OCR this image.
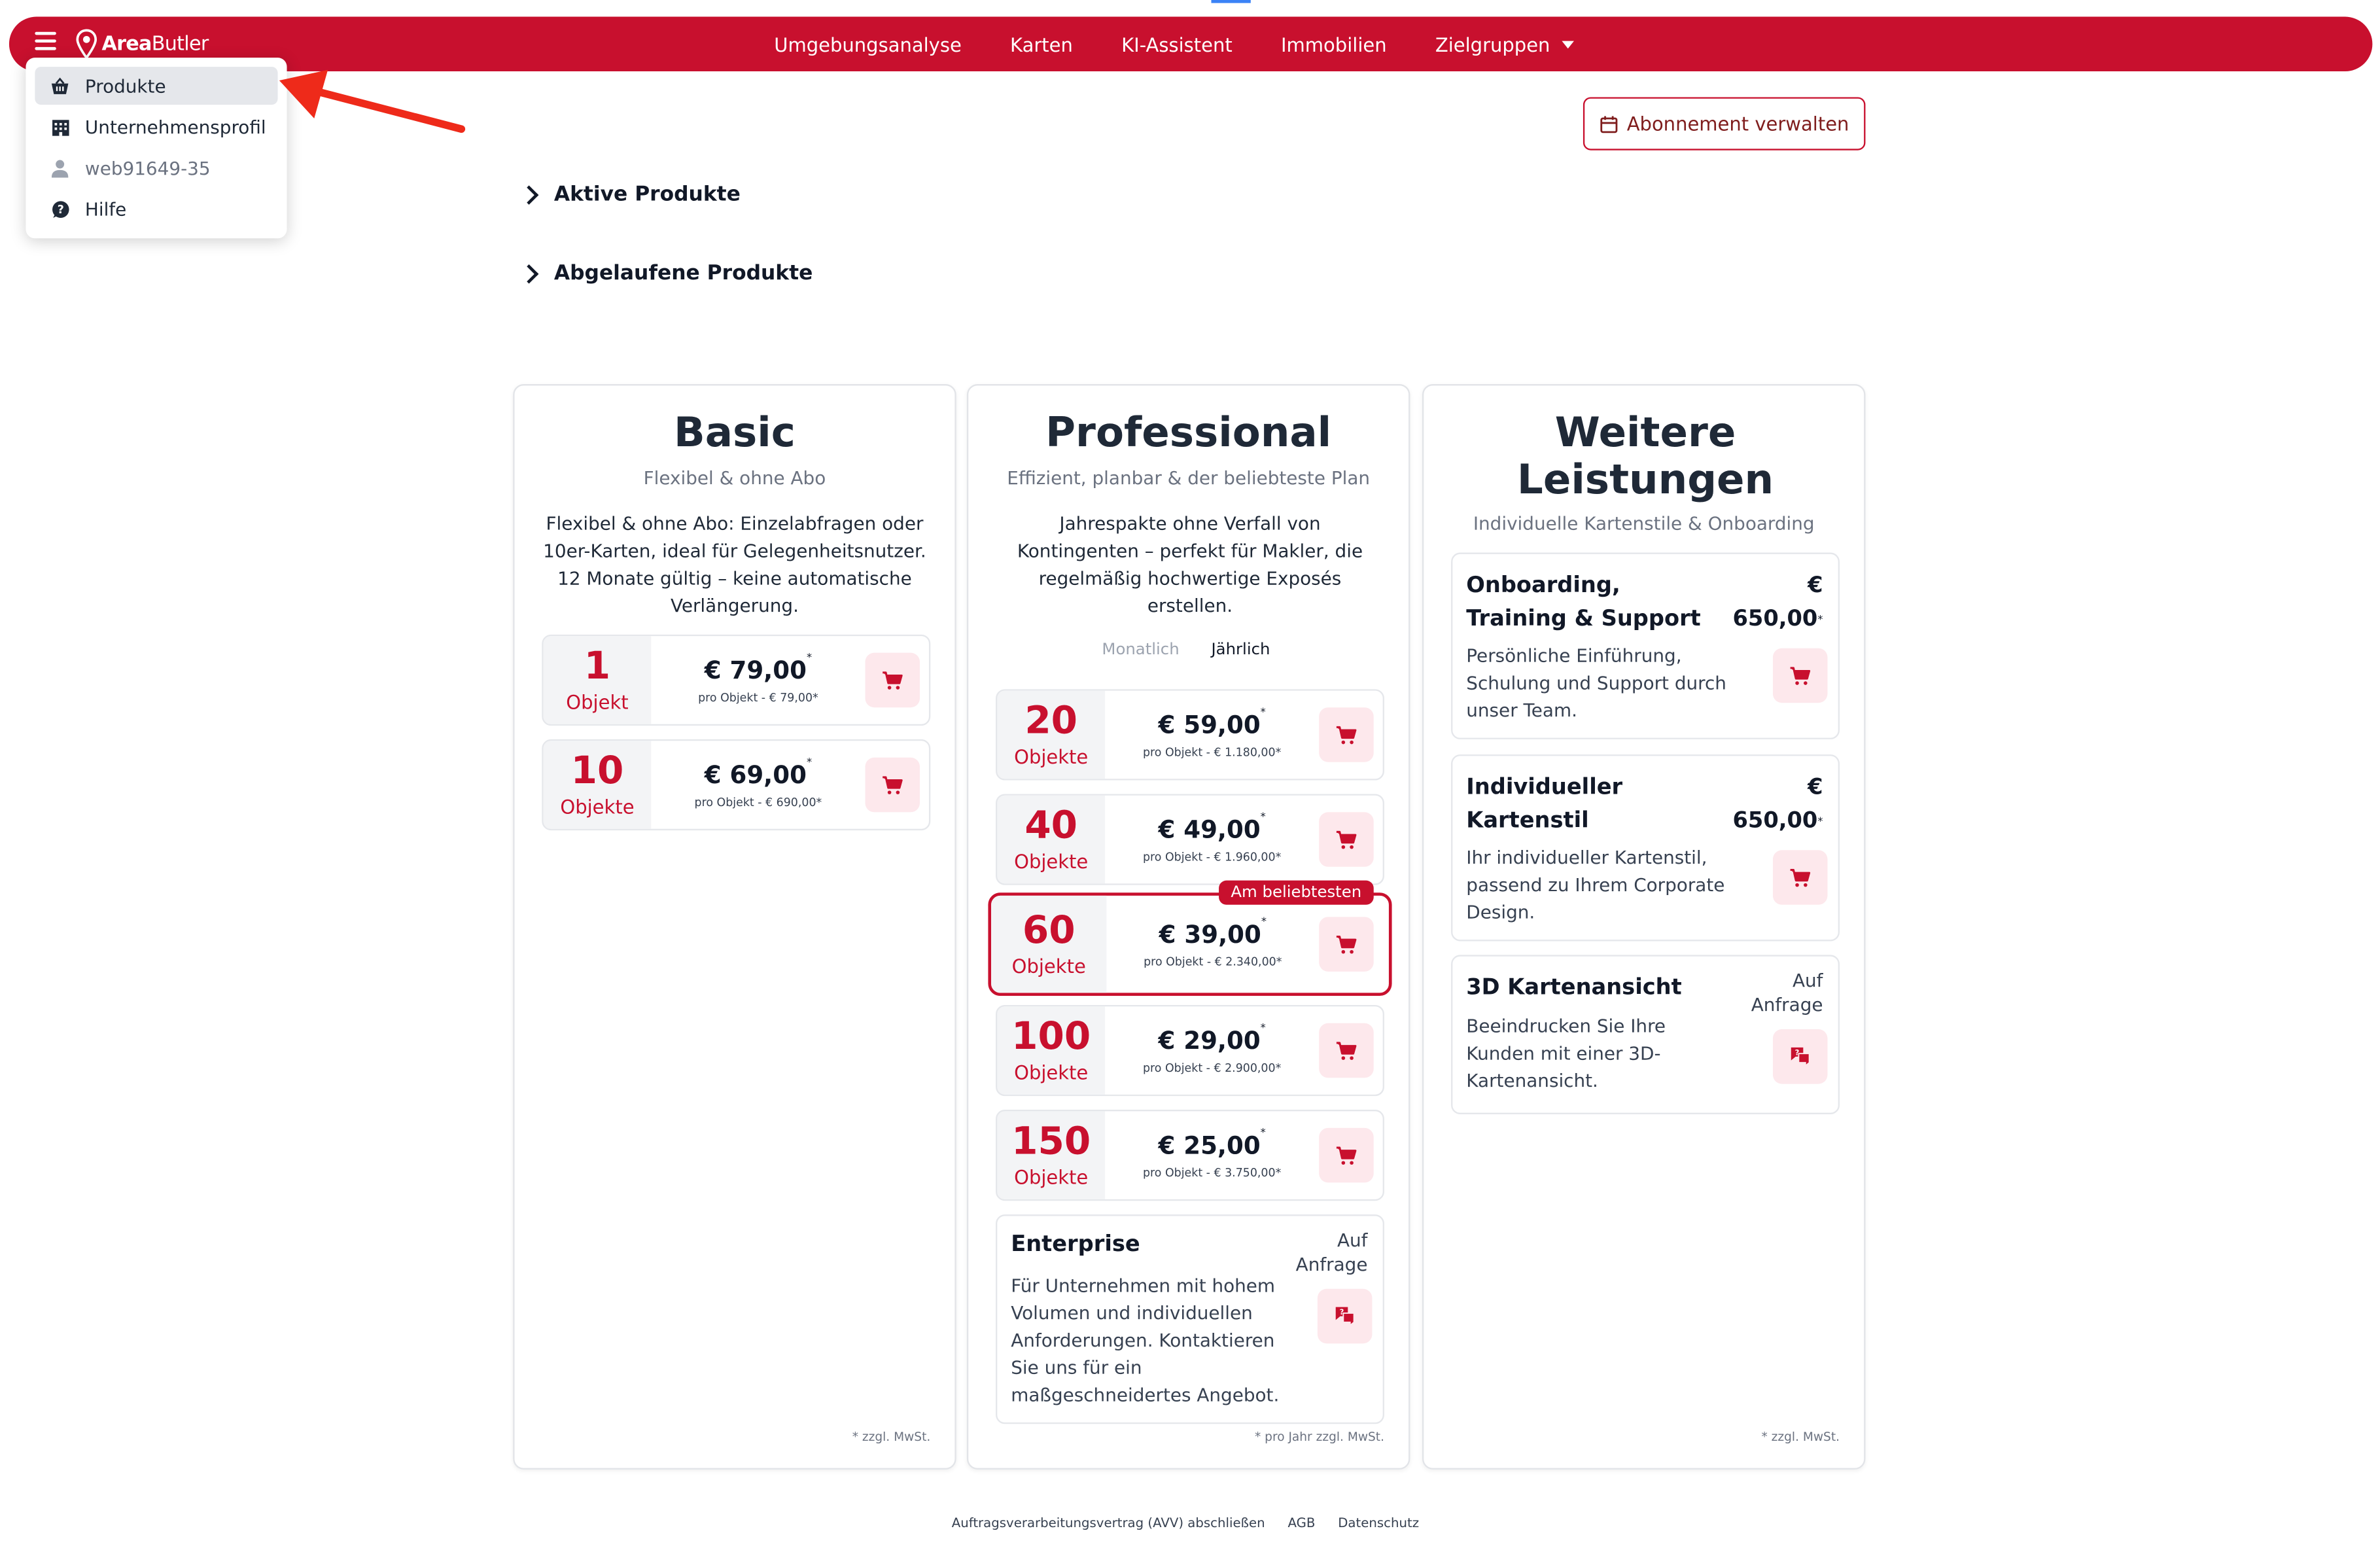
Area Butler	Umgebungsanalyse	Karten	KI-Assistent	Immobilien	Zielgruppen
Produkte
Unternehmensprofil
web91649-35
?	Hilfe
Abonnement verwalten
Aktive Produkte
Abgelaufene Produkte
Basic
Flexibel & ohne Abo
Flexibel & ohne Abo: Einzelabfragen oder 10er-Karten, ideal für Gelegenheitsnutzer. 12 Monate gültig – keine automatische Verlängerung.
1
Objekt
€ 79,00*
pro Objekt - € 79,00*
10
Objekte
€ 69,00*
pro Objekt - € 690,00*
* zzgl. MwSt.
Professional
Effizient, planbar & der beliebteste Plan
Jahrespakte ohne Verfall von Kontingenten – perfekt für Makler, die regelmäßig hochwertige Exposés erstellen.
Monatlich	Jährlich
20
Objekte
€ 59,00*
pro Objekt - € 1.180,00*
40
Objekte
€ 49,00*
pro Objekt - € 1.960,00*
Am beliebtesten
60
Objekte
€ 39,00*
pro Objekt - € 2.340,00*
100
Objekte
€ 29,00*
pro Objekt - € 2.900,00*
150
Objekte
€ 25,00*
pro Objekt - € 3.750,00*
Enterprise	Auf Anfrage
Für Unternehmen mit hohem Volumen und individuellen Anforderungen. Kontaktieren Sie uns für ein maßgeschneidertes Angebot.
?
* pro Jahr zzgl. MwSt.
Weitere Leistungen
Individuelle Kartenstile & Onboarding
Onboarding, Training & Support
€
650,00*
Persönliche Einführung, Schulung und Support durch unser Team.
Individueller Kartenstil
€
650,00*
Ihr individueller Kartenstil, passend zu Ihrem Corporate Design.
3D Kartenansicht	Auf Anfrage
Beeindrucken Sie Ihre Kunden mit einer 3D-Kartenansicht.
?
* zzgl. MwSt.
Auftragsverarbeitungsvertrag (AVV) abschließen	AGB	Datenschutz
